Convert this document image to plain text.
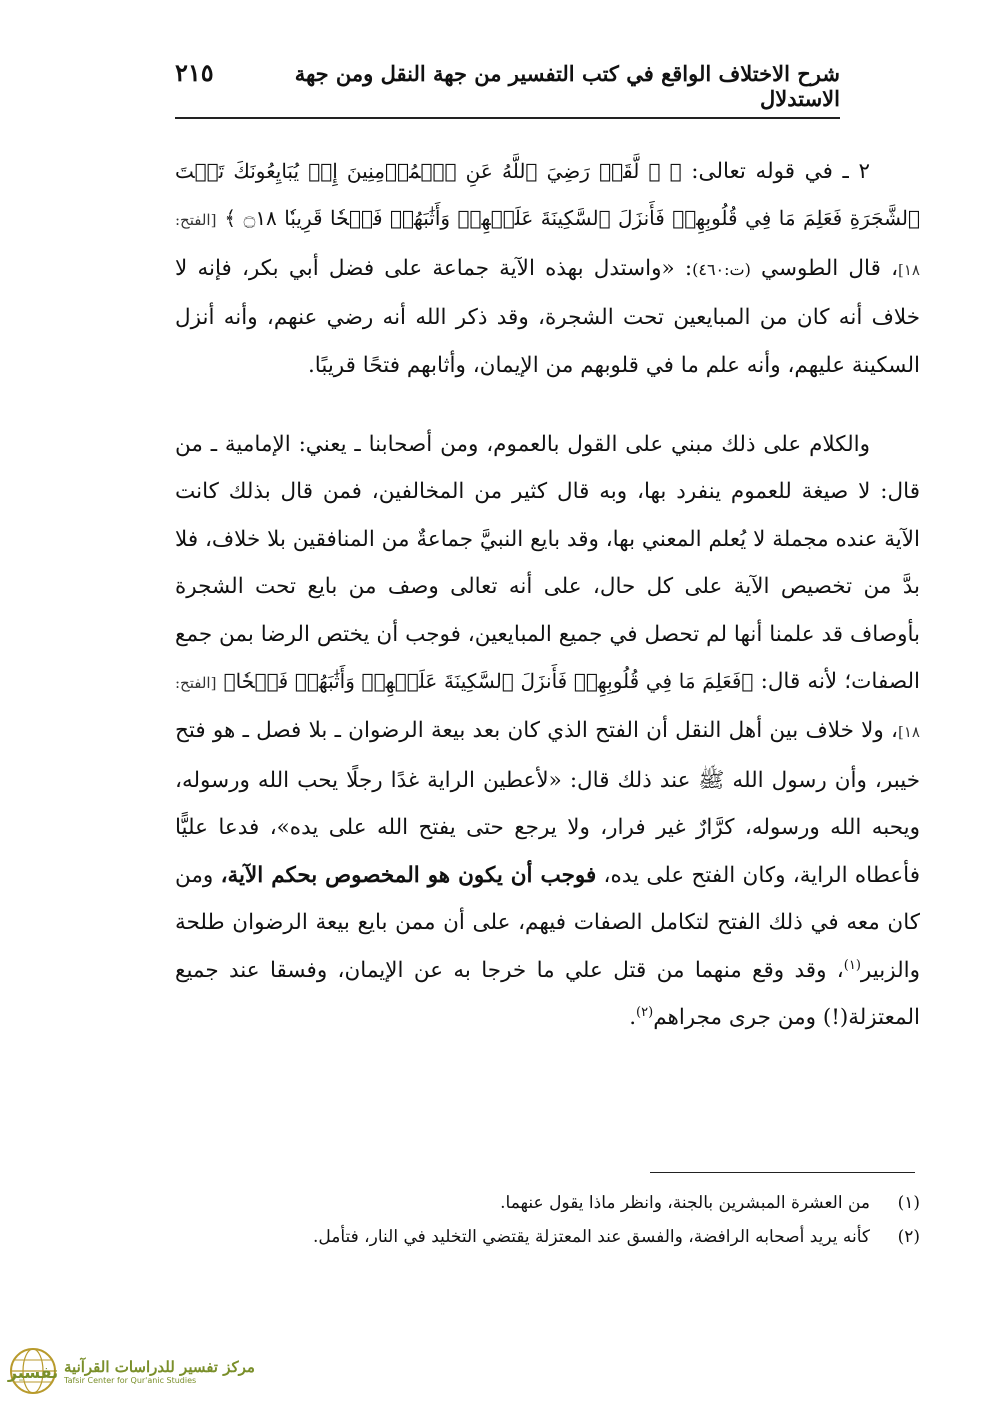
شرح الاختلاف الواقع في كتب التفسير من جهة النقل ومن جهة الاستدلال
٢١٥

٢ ـ في قوله تعالى: ﴿ ۞ لَّقَدۡ رَضِيَ ٱللَّهُ عَنِ ٱلۡمُؤۡمِنِينَ إِذۡ يُبَايِعُونَكَ تَحۡتَ ٱلشَّجَرَةِ فَعَلِمَ مَا فِي قُلُوبِهِمۡ فَأَنزَلَ ٱلسَّكِينَةَ عَلَيۡهِمۡ وَأَثَٰبَهُمۡ فَتۡحٗا قَرِيبٗا ۝١٨ ﴾ [الفتح: ١٨]، قال الطوسي (ت:٤٦٠): «واستدل بهذه الآية جماعة على فضل أبي بكر، فإنه لا خلاف أنه كان من المبايعين تحت الشجرة، وقد ذكر الله أنه رضي عنهم، وأنه أنزل السكينة عليهم، وأنه علم ما في قلوبهم من الإيمان، وأثابهم فتحًا قريبًا.

والكلام على ذلك مبني على القول بالعموم، ومن أصحابنا ـ يعني: الإمامية ـ من قال: لا صيغة للعموم ينفرد بها، وبه قال كثير من المخالفين، فمن قال بذلك كانت الآية عنده مجملة لا يُعلم المعني بها، وقد بايع النبيَّ جماعةٌ من المنافقين بلا خلاف، فلا بدَّ من تخصيص الآية على كل حال، على أنه تعالى وصف من بايع تحت الشجرة بأوصاف قد علمنا أنها لم تحصل في جميع المبايعين، فوجب أن يختص الرضا بمن جمع الصفات؛ لأنه قال: ﴿فَعَلِمَ مَا فِي قُلُوبِهِمۡ فَأَنزَلَ ٱلسَّكِينَةَ عَلَيۡهِمۡ وَأَثَٰبَهُمۡ فَتۡحٗا﴾ [الفتح: ١٨]، ولا خلاف بين أهل النقل أن الفتح الذي كان بعد بيعة الرضوان ـ بلا فصل ـ هو فتح خيبر، وأن رسول الله ﷺ عند ذلك قال: «لأعطين الراية غدًا رجلًا يحب الله ورسوله، ويحبه الله ورسوله، كرَّارٌ غير فرار، ولا يرجع حتى يفتح الله على يده»، فدعا عليًّا فأعطاه الراية، وكان الفتح على يده، فوجب أن يكون هو المخصوص بحكم الآية، ومن كان معه في ذلك الفتح لتكامل الصفات فيهم، على أن ممن بايع بيعة الرضوان طلحة والزبير$^{(١)}$، وقد وقع منهما من قتل علي ما خرجا به عن الإيمان، وفسقا عند جميع المعتزلة(!) ومن جرى مجراهم$^{(٢)}$.

(١)
من العشرة المبشرين بالجنة، وانظر ماذا يقول عنهما.
(٢)
كأنه يريد أصحابه الرافضة، والفسق عند المعتزلة يقتضي التخليد في النار، فتأمل.
تفسير مركز تفسير للدراسات القرآنية
Tafsir Center for Qur'anic Studies
